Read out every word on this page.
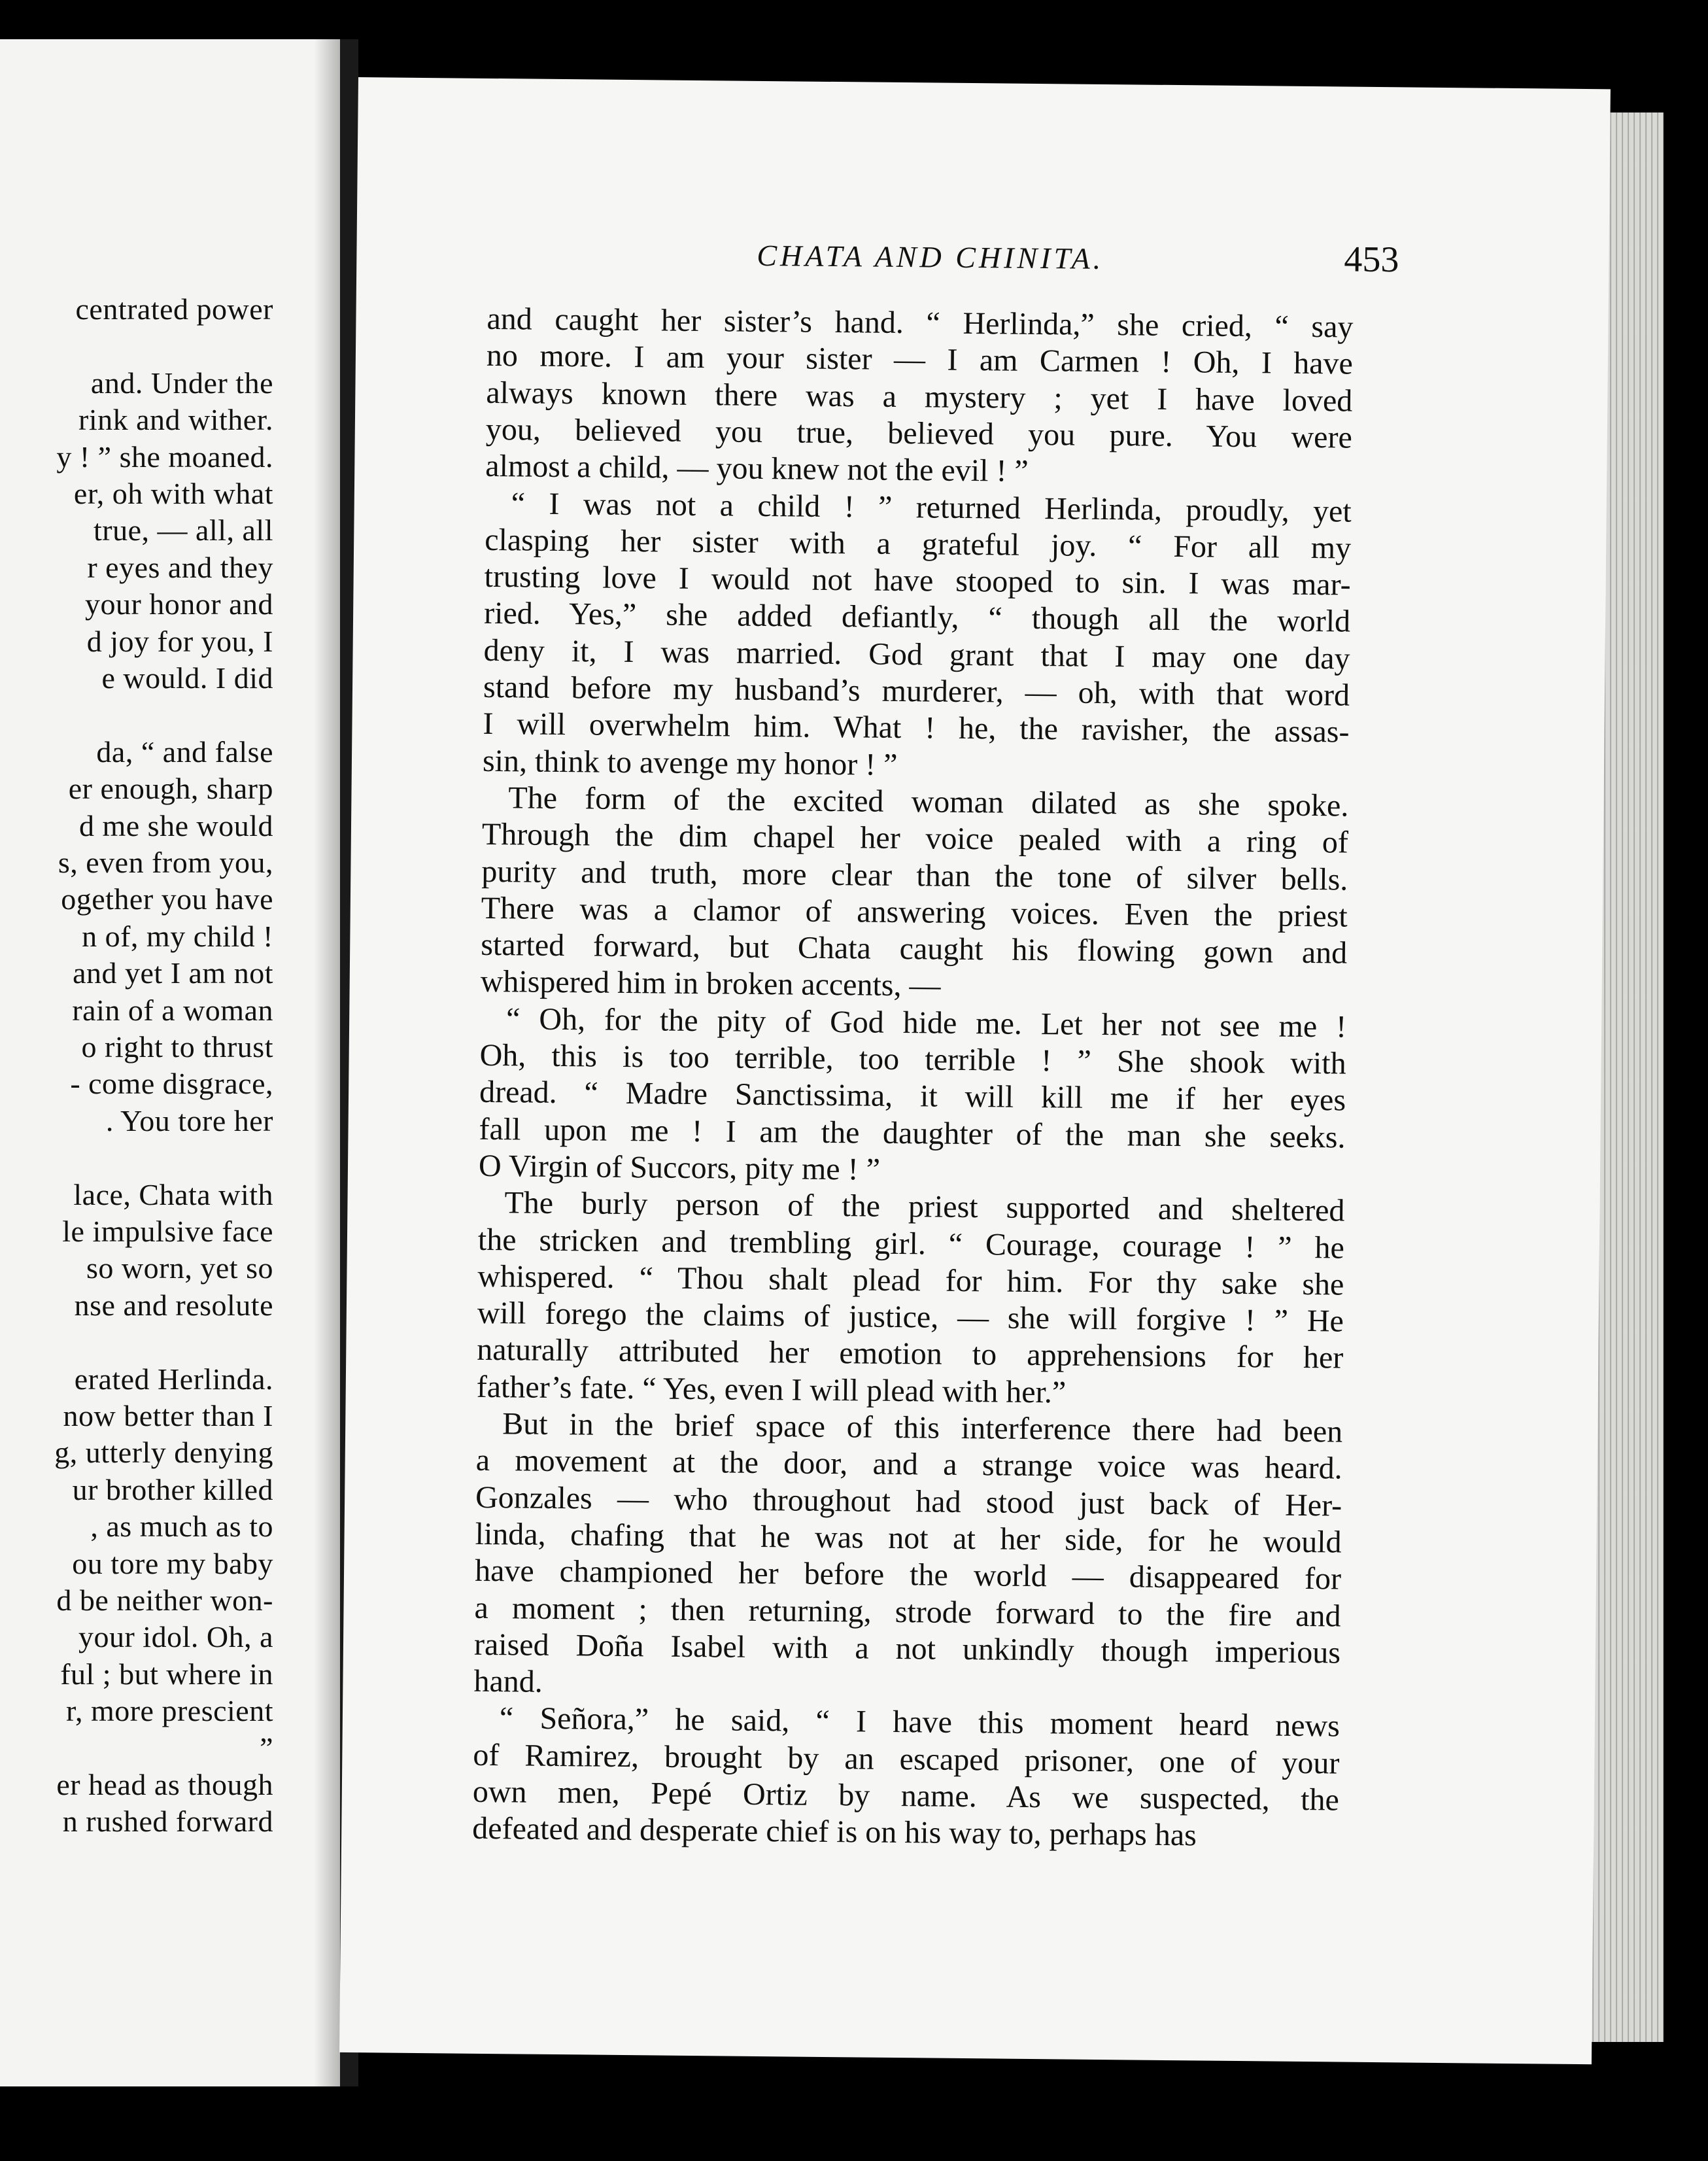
centrated power
and. Under the
rink and wither.
y ! ” she moaned.
er, oh with what
true, — all, all
r eyes and they
your honor and
d joy for you, I
e would. I did
da, “ and false
er enough, sharp
d me she would
s, even from you,
ogether you have
n of, my child !
and yet I am not
rain of a woman
o right to thrust
- come disgrace,
. You tore her
lace, Chata with
le impulsive face
so worn, yet so
nse and resolute
erated Herlinda.
now better than I
g, utterly denying
ur brother killed
, as much as to
ou tore my baby
d be neither won-
your idol. Oh, a
ful ; but where in
r, more prescient
”
er head as though
n rushed forward
CHATA AND CHINITA.	453
and caught her sister’s hand. “ Herlinda,” she cried, “ say
no more. I am your sister — I am Carmen ! Oh, I have
always known there was a mystery ; yet I have loved
you, believed you true, believed you pure. You were
almost a child, — you knew not the evil ! ”
“ I was not a child ! ” returned Herlinda, proudly, yet
clasping her sister with a grateful joy. “ For all my
trusting love I would not have stooped to sin. I was mar-
ried. Yes,” she added defiantly, “ though all the world
deny it, I was married. God grant that I may one day
stand before my husband’s murderer, — oh, with that word
I will overwhelm him. What ! he, the ravisher, the assas-
sin, think to avenge my honor ! ”
The form of the excited woman dilated as she spoke.
Through the dim chapel her voice pealed with a ring of
purity and truth, more clear than the tone of silver bells.
There was a clamor of answering voices. Even the priest
started forward, but Chata caught his flowing gown and
whispered him in broken accents, —
“ Oh, for the pity of God hide me. Let her not see me !
Oh, this is too terrible, too terrible ! ” She shook with
dread. “ Madre Sanctissima, it will kill me if her eyes
fall upon me ! I am the daughter of the man she seeks.
O Virgin of Succors, pity me ! ”
The burly person of the priest supported and sheltered
the stricken and trembling girl. “ Courage, courage ! ” he
whispered. “ Thou shalt plead for him. For thy sake she
will forego the claims of justice, — she will forgive ! ” He
naturally attributed her emotion to apprehensions for her
father’s fate. “ Yes, even I will plead with her.”
But in the brief space of this interference there had been
a movement at the door, and a strange voice was heard.
Gonzales — who throughout had stood just back of Her-
linda, chafing that he was not at her side, for he would
have championed her before the world — disappeared for
a moment ; then returning, strode forward to the fire and
raised Doña Isabel with a not unkindly though imperious
hand.
“ Señora,” he said, “ I have this moment heard news
of Ramirez, brought by an escaped prisoner, one of your
own men, Pepé Ortiz by name. As we suspected, the
defeated and desperate chief is on his way to, perhaps has
